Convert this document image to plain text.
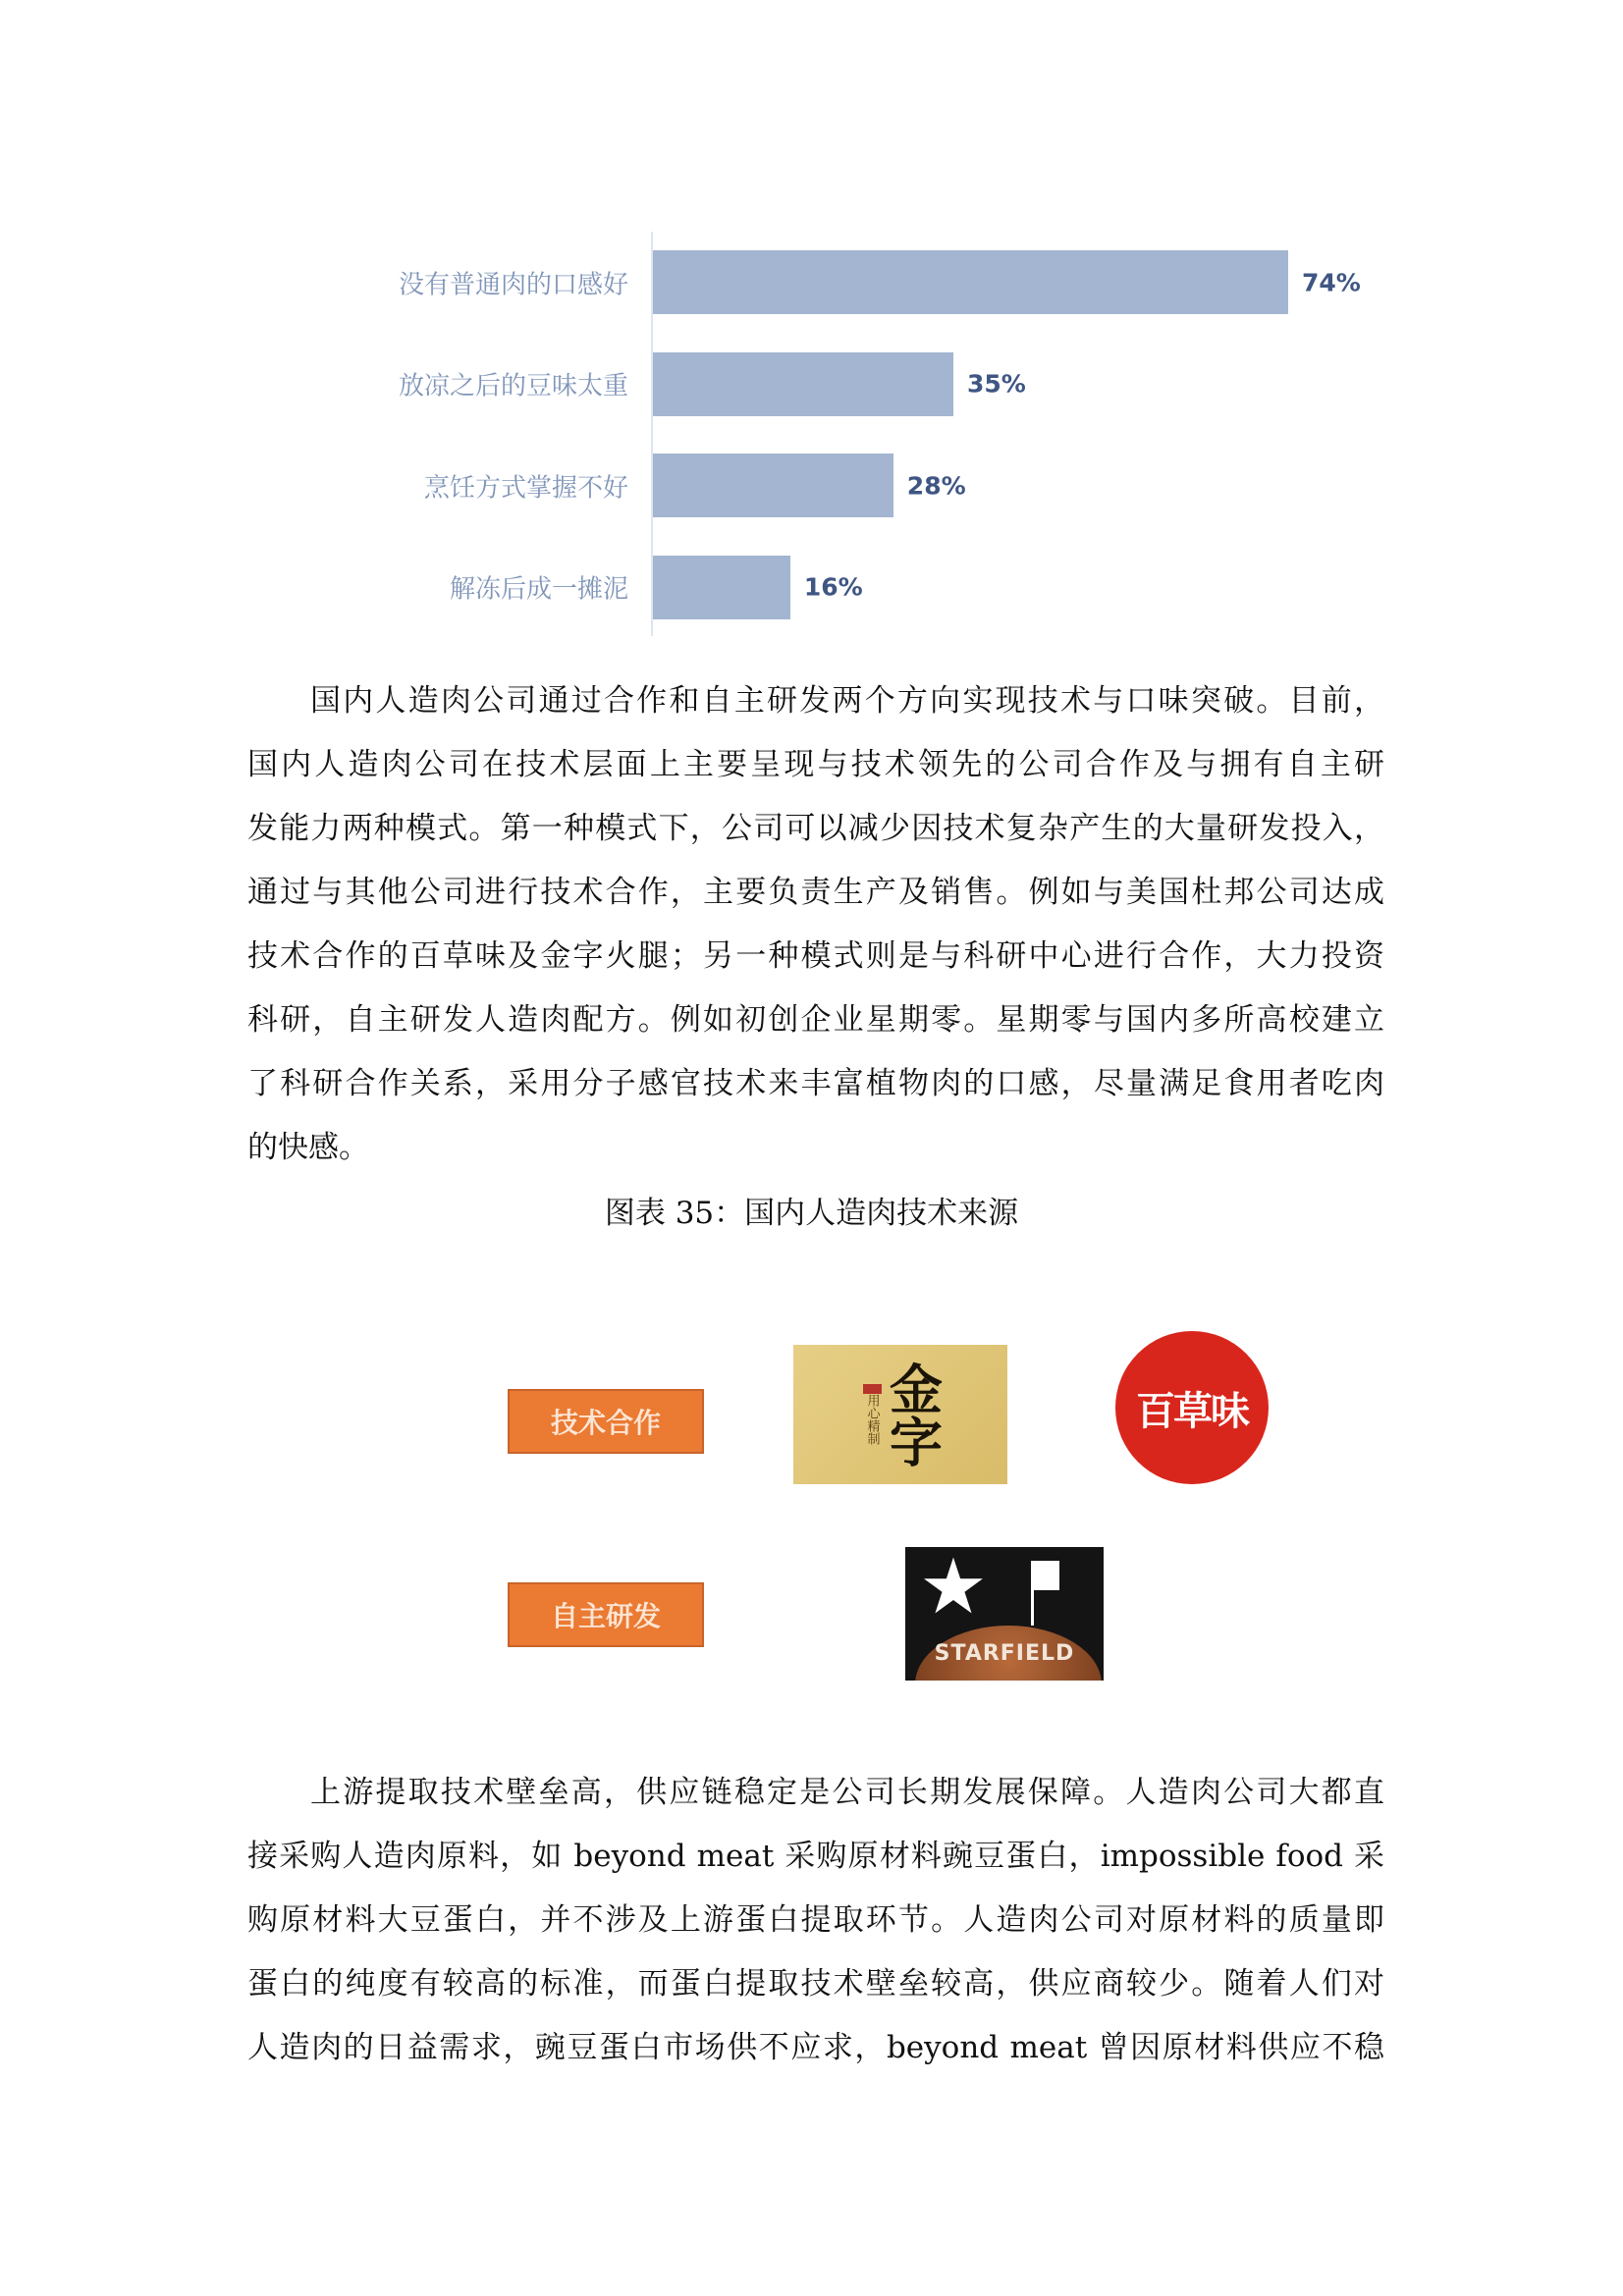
没有普通肉的口感好	74%
放凉之后的豆味太重	35%
烹饪方式掌握不好	28%
解冻后成一摊泥	16%
国内人造肉公司通过合作和自主研发两个方向实现技术与口味突破。目前，
国内人造肉公司在技术层面上主要呈现与技术领先的公司合作及与拥有自主研
发能力两种模式。第一种模式下，公司可以减少因技术复杂产生的大量研发投入，
通过与其他公司进行技术合作，主要负责生产及销售。例如与美国杜邦公司达成
技术合作的百草味及金字火腿；另一种模式则是与科研中心进行合作，大力投资
科研，自主研发人造肉配方。例如初创企业星期零。星期零与国内多所高校建立
了科研合作关系，采用分子感官技术来丰富植物肉的口感，尽量满足食用者吃肉
的快感。
图表 35：国内人造肉技术来源
技术合作
自主研发
用心精制 金字	百草味
★
STARFIELD
上游提取技术壁垒高，供应链稳定是公司长期发展保障。人造肉公司大都直
接采购人造肉原料，如 beyond meat 采购原材料豌豆蛋白，impossible food 采
购原材料大豆蛋白，并不涉及上游蛋白提取环节。人造肉公司对原材料的质量即
蛋白的纯度有较高的标准，而蛋白提取技术壁垒较高，供应商较少。随着人们对
人造肉的日益需求，豌豆蛋白市场供不应求，beyond meat 曾因原材料供应不稳
